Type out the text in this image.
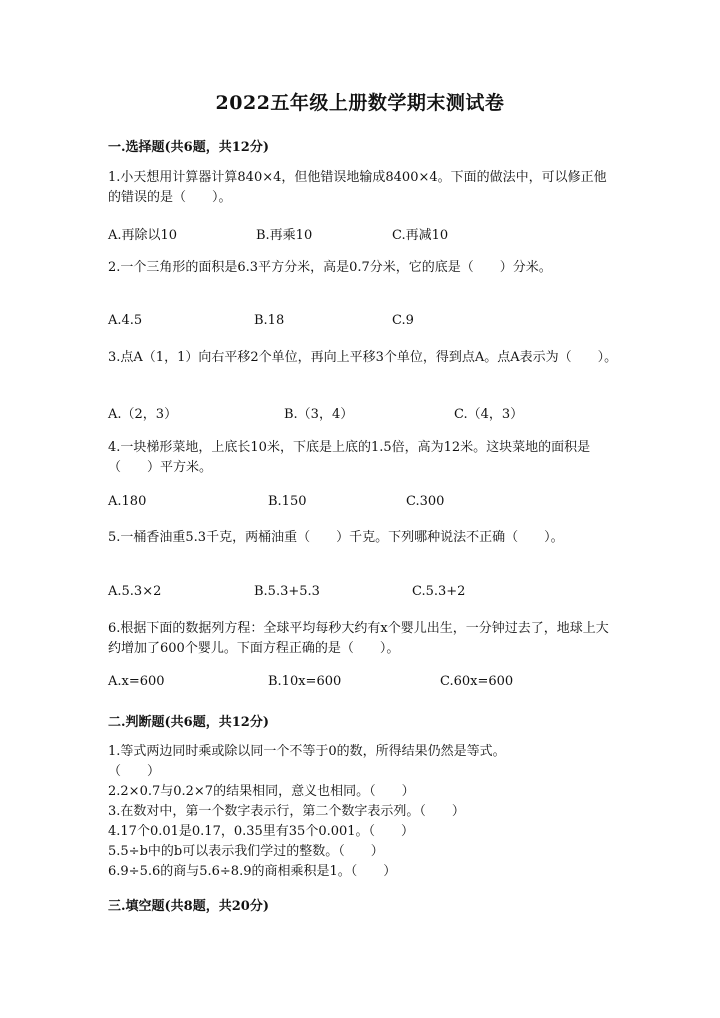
2022五年级上册数学期末测试卷
一.选择题(共6题，共12分)
1.小天想用计算器计算840×4，但他错误地输成8400×4。下面的做法中，可以修正他的错误的是（　　）。
A.再除以10	B.再乘10	C.再减10
2.一个三角形的面积是6.3平方分米，高是0.7分米，它的底是（　　）分米。
A.4.5	B.18	C.9
3.点A（1，1）向右平移2个单位，再向上平移3个单位，得到点A。点A表示为（　　）。
A.（2，3）	B.（3，4）	C.（4，3）
4.一块梯形菜地，上底长10米，下底是上底的1.5倍，高为12米。这块菜地的面积是（　　）平方米。
A.180	B.150	C.300
5.一桶香油重5.3千克，两桶油重（　　）千克。下列哪种说法不正确（　　）。
A.5.3×2	B.5.3+5.3	C.5.3+2
6.根据下面的数据列方程：全球平均每秒大约有x个婴儿出生，一分钟过去了，地球上大约增加了600个婴儿。下面方程正确的是（　　）。
A.x=600	B.10x=600	C.60x=600
二.判断题(共6题，共12分)
1.等式两边同时乘或除以同一个不等于0的数，所得结果仍然是等式。
（　　）
2.2×0.7与0.2×7的结果相同，意义也相同。（　　）
3.在数对中，第一个数字表示行，第二个数字表示列。（　　）
4.17个0.01是0.17，0.35里有35个0.001。（　　）
5.5÷b中的b可以表示我们学过的整数。（　　）
6.9÷5.6的商与5.6÷8.9的商相乘积是1。（　　）
三.填空题(共8题，共20分)
